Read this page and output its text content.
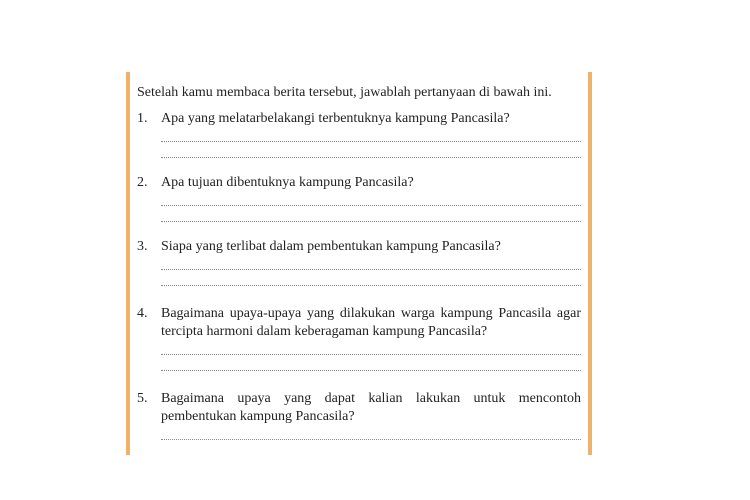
Setelah kamu membaca berita tersebut, jawablah pertanyaan di bawah ini.

1. Apa yang melatarbelakangi terbentuknya kampung Pancasila?
2. Apa tujuan dibentuknya kampung Pancasila?
3. Siapa yang terlibat dalam pembentukan kampung Pancasila?
4. Bagaimana upaya-upaya yang dilakukan warga kampung Pancasila agar tercipta harmoni dalam keberagaman kampung Pancasila?
5. Bagaimana upaya yang dapat kalian lakukan untuk mencontoh pembentukan kampung Pancasila?
